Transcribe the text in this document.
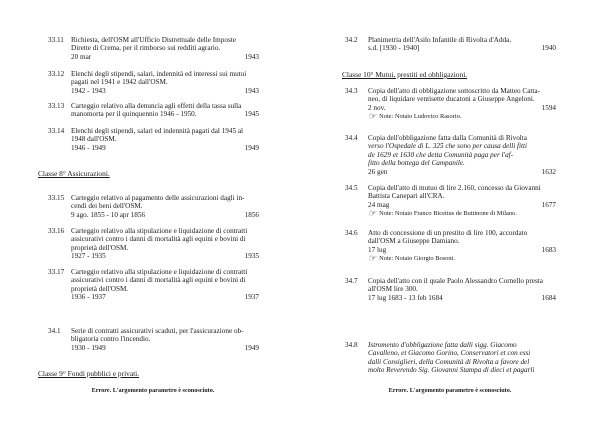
33.11 Richiesta, dell'OSM all'Ufficio Distrettuale delle Imposte
Dirette di Crema, per il rimborso sui redditi agrario.
20 mar	1943
33.12 Elenchi degli stipendi, salari, indennità ed interessi sui mutui
pagati nel 1941 e 1942 dall'OSM.
1942 - 1943	1943
33.13 Carteggio relativo alla denuncia agli effetti della tassa sulla
manomorta per il quinquennio 1946 - 1950.	1945
33.14 Elenchi degli stipendi, salari ed indennità pagati dal 1945 al
1948 dall'OSM.
1946 - 1949	1949
Classe 8° Assicurazioni.
33.15 Carteggio relativo al pagamento delle assicurazioni dagli in-
cendi dei beni dell'OSM.
9 ago. 1855 - 10 apr 1856	1856
33.16 Carteggio relativo alla stipulazione e liquidazione di contratti
assicurativi contro i danni di mortalità agli equini e bovini di
proprietà dell'OSM.
1927 - 1935	1935
33.17 Carteggio relativo alla stipulazione e liquidazione di contratti
assicurativi contro i danni di mortalità agli equini e bovini di
proprietà dell'OSM.
1936 - 1937	1937
34.1 Serie di contratti assicurativi scaduti, per l'assicurazione ob-
bligatoria contro l'incendio.
1930 - 1949	1949
Classe 9° Fondi pubblici e privati.
Errore. L'argomento parametro è sconosciuto.
34.2 Planimetria dell'Asilo Infantile di Rivolta d'Adda.
s.d. [1930 - 1940]	1940
Classe 10° Mutui, prestiti ed obbligazioni.
34.3 Copia dell'atto di obbligazione sottoscritto da Matteo Catta-
neo, di liquidare ventisette ducatoni a Giuseppe Angeloni.
2 nov.
☞ Note: Notaio Ludovico Rasorio.
1594
34.4 Copia dell'obbligazione fatta dalla Comunità di Rivolta
verso l'Ospedale di L. 325 che sono per causa delli fitti
de 1629 et 1630 che detta Comunità paga per l'af-
fitto della bottega del Campanile.
26 gen	1632
34.5 Copia dell'atto di mutuo di lire 2.160, concesso da Giovanni
Battista Canepari all'CRA.
24 mag
☞ Note: Notaio Franco Bicettus de Buttinone di Milano.
1677
34.6 Atto di concessione di un prestito di lire 100, accordato
dall'OSM a Giuseppe Damiano.
17 lug
☞ Note: Notaio Giorgio Bosoni.
1683
34.7 Copia dell'atto con il quale Paolo Alessandro Cornello presta
all'OSM lire 300.
17 lug 1683 - 13 feb 1684	1684
34.8 Istromento d'obbligazione fatta dalli sigg. Giacomo
Cavalleno, et Giacomo Gorino, Conservatori et con essi
dalli Consiglieri, della Comunità di Rivolta a favore del
molto Reverendo Sig. Giovanni Stampa di dieci et pagarli
Errore. L'argomento parametro è sconosciuto.
